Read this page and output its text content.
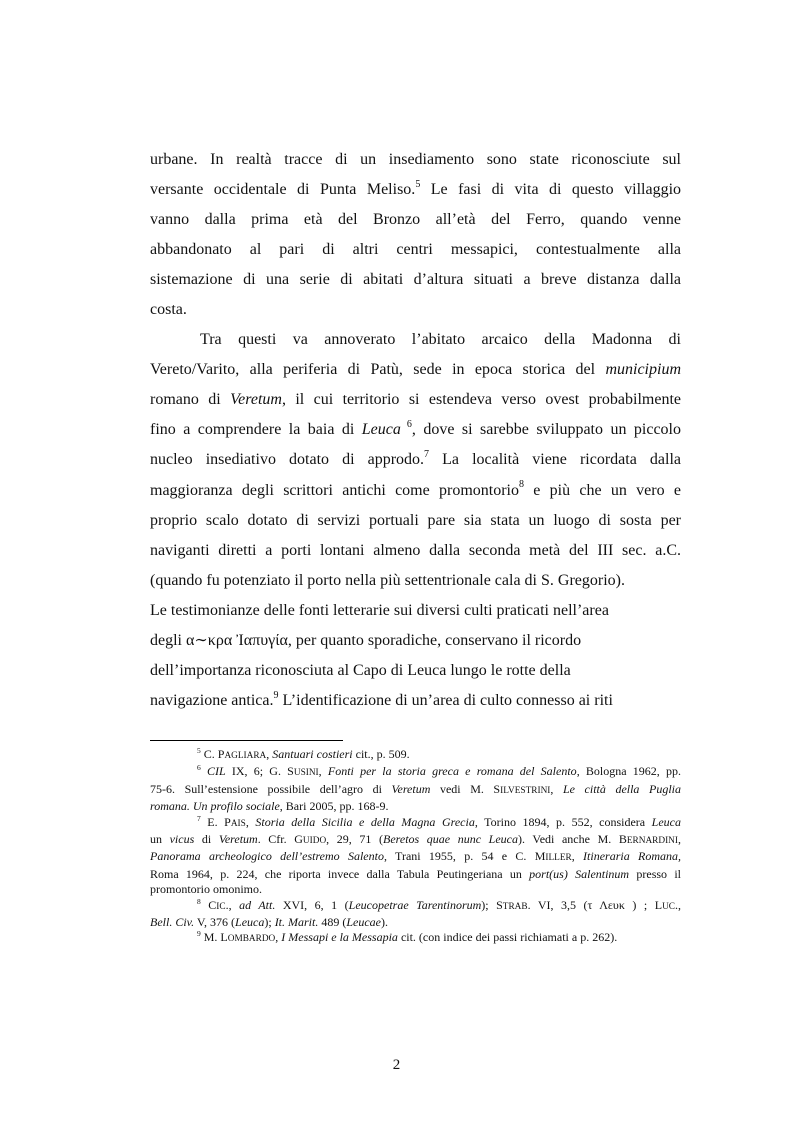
urbane. In realtà tracce di un insediamento sono state riconosciute sul
versante occidentale di Punta Meliso.$^5$ Le fasi di vita di questo villaggio
vanno dalla prima età del Bronzo all’età del Ferro, quando venne
abbandonato al pari di altri centri messapici, contestualmente alla
sistemazione di una serie di abitati d’altura situati a breve distanza dalla
costa.
Tra questi va annoverato l’abitato arcaico della Madonna di
Vereto/Varito, alla periferia di Patù, sede in epoca storica del municipium
romano di Veretum, il cui territorio si estendeva verso ovest probabilmente
fino a comprendere la baia di Leuca $^6$, dove si sarebbe sviluppato un piccolo
nucleo insediativo dotato di approdo.$^7$ La località viene ricordata dalla
maggioranza degli scrittori antichi come promontorio$^8$ e più che un vero e
proprio scalo dotato di servizi portuali pare sia stata un luogo di sosta per
naviganti diretti a porti lontani almeno dalla seconda metà del III sec. a.C.
(quando fu potenziato il porto nella più settentrionale cala di S. Gregorio).
Le testimonianze delle fonti letterarie sui diversi culti praticati nell’area
degli α∼κρα Ἰαπυγία, per quanto sporadiche, conservano il ricordo
dell’importanza riconosciuta al Capo di Leuca lungo le rotte della
navigazione antica.$^9$ L’identificazione di un’area di culto connesso ai riti
$^5$ C. PAGLIARA, Santuari costieri cit., p. 509.
$^6$ CIL IX, 6; G. SUSINI, Fonti per la storia greca e romana del Salento, Bologna 1962, pp.
75-6. Sull’estensione possibile dell’agro di Veretum vedi M. SILVESTRINI, Le città della Puglia
romana. Un profilo sociale, Bari 2005, pp. 168-9.
$^7$ E. PAIS, Storia della Sicilia e della Magna Grecia, Torino 1894, p. 552, considera Leuca
un vicus di Veretum. Cfr. GUIDO, 29, 71 (Beretos quae nunc Leuca). Vedi anche M. BERNARDINI,
Panorama archeologico dell’estremo Salento, Trani 1955, p. 54 e C. MILLER, Itineraria Romana,
Roma 1964, p. 224, che riporta invece dalla Tabula Peutingeriana un port(us) Salentinum presso il
promontorio omonimo.
$^8$ CIC., ad Att. XVI, 6, 1 (Leucopetrae Tarentinorum); STRAB. VI, 3,5 (τ Λευκ ) ; LUC.,
Bell. Civ. V, 376 (Leuca); It. Marit. 489 (Leucae).
$^9$ M. LOMBARDO, I Messapi e la Messapia cit. (con indice dei passi richiamati a p. 262).
2
